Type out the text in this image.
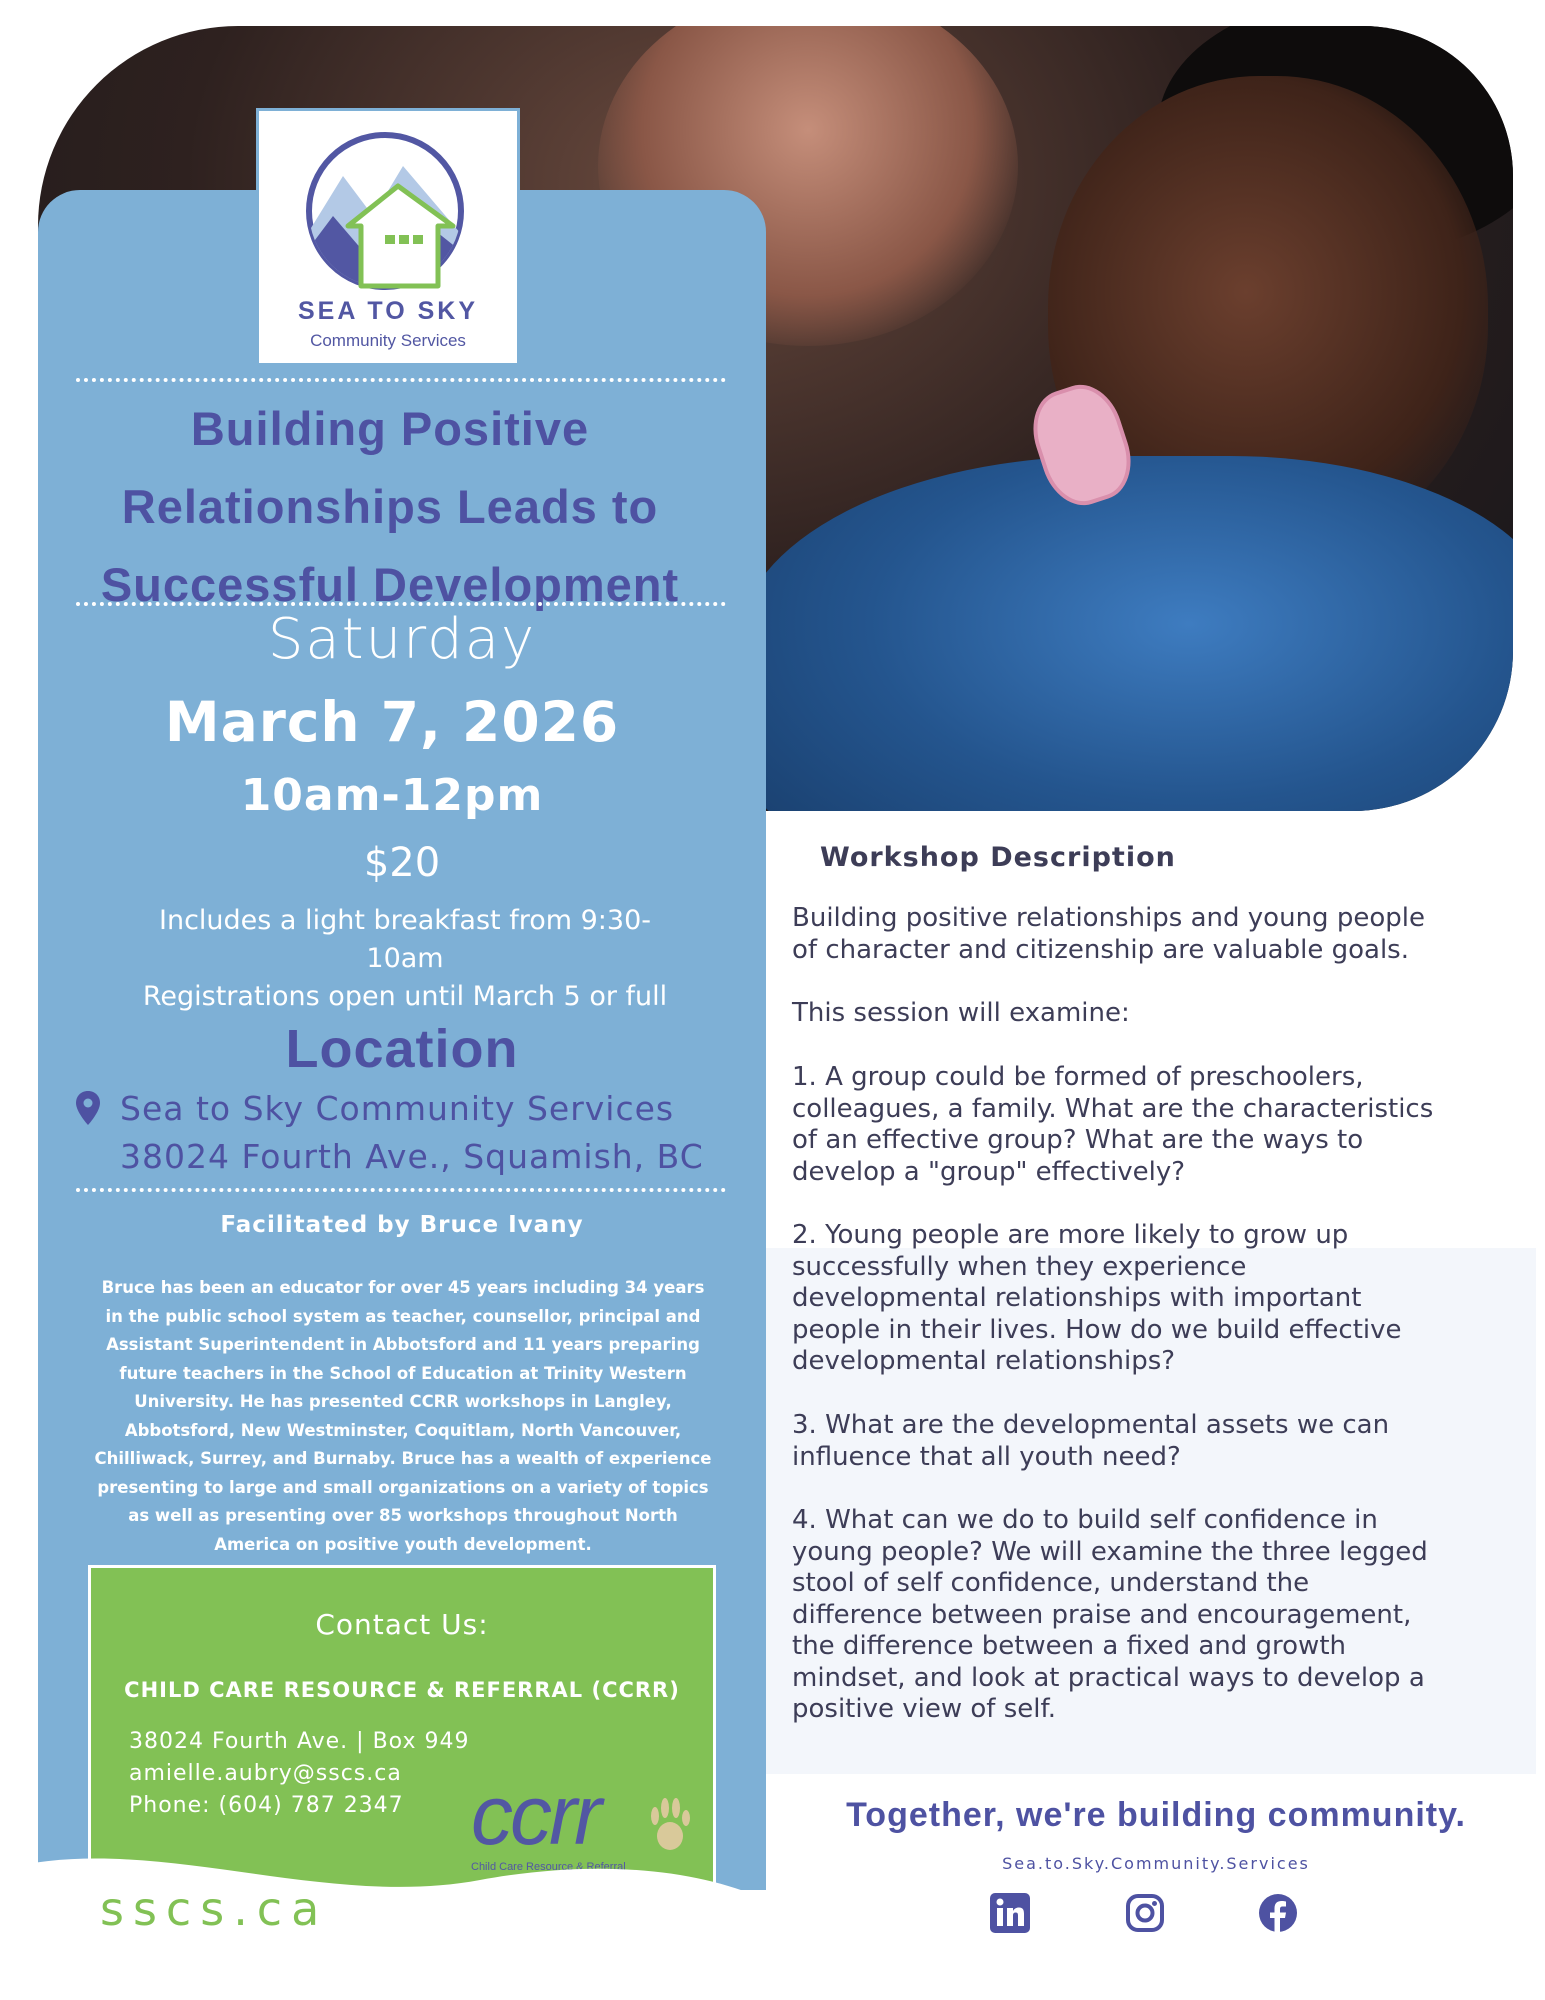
SEA TO SKY
Community Services
Building Positive
Relationships Leads to
Successful Development
Saturday
March 7, 2026
10am-12pm
$20
Includes a light breakfast from 9:30-
10am
Registrations open until March 5 or full
Location
Sea to Sky Community Services
38024 Fourth Ave., Squamish, BC
Facilitated by Bruce Ivany
Bruce has been an educator for over 45 years including 34 years
in the public school system as teacher, counsellor, principal and
Assistant Superintendent in Abbotsford and 11 years preparing
future teachers in the School of Education at Trinity Western
University. He has presented CCRR workshops in Langley,
Abbotsford, New Westminster, Coquitlam, North Vancouver,
Chilliwack, Surrey, and Burnaby. Bruce has a wealth of experience
presenting to large and small organizations on a variety of topics
as well as presenting over 85 workshops throughout North
America on positive youth development.
Contact Us:
CHILD CARE RESOURCE & REFERRAL (CCRR)
38024 Fourth Ave. | Box 949
amielle.aubry@sscs.ca
Phone: (604) 787 2347 ccrr
Child Care Resource & Referral
sscs.ca
Workshop Description
Building positive relationships and young people
of character and citizenship are valuable goals.
This session will examine:
1. A group could be formed of preschoolers,
colleagues, a family. What are the characteristics
of an effective group? What are the ways to
develop a "group" effectively?
2. Young people are more likely to grow up
successfully when they experience
developmental relationships with important
people in their lives. How do we build effective
developmental relationships?
3. What are the developmental assets we can
influence that all youth need?
4. What can we do to build self confidence in
young people? We will examine the three legged
stool of self confidence, understand the
difference between praise and encouragement,
the difference between a fixed and growth
mindset, and look at practical ways to develop a
positive view of self.
Together, we're building community.
Sea.to.Sky.Community.Services
